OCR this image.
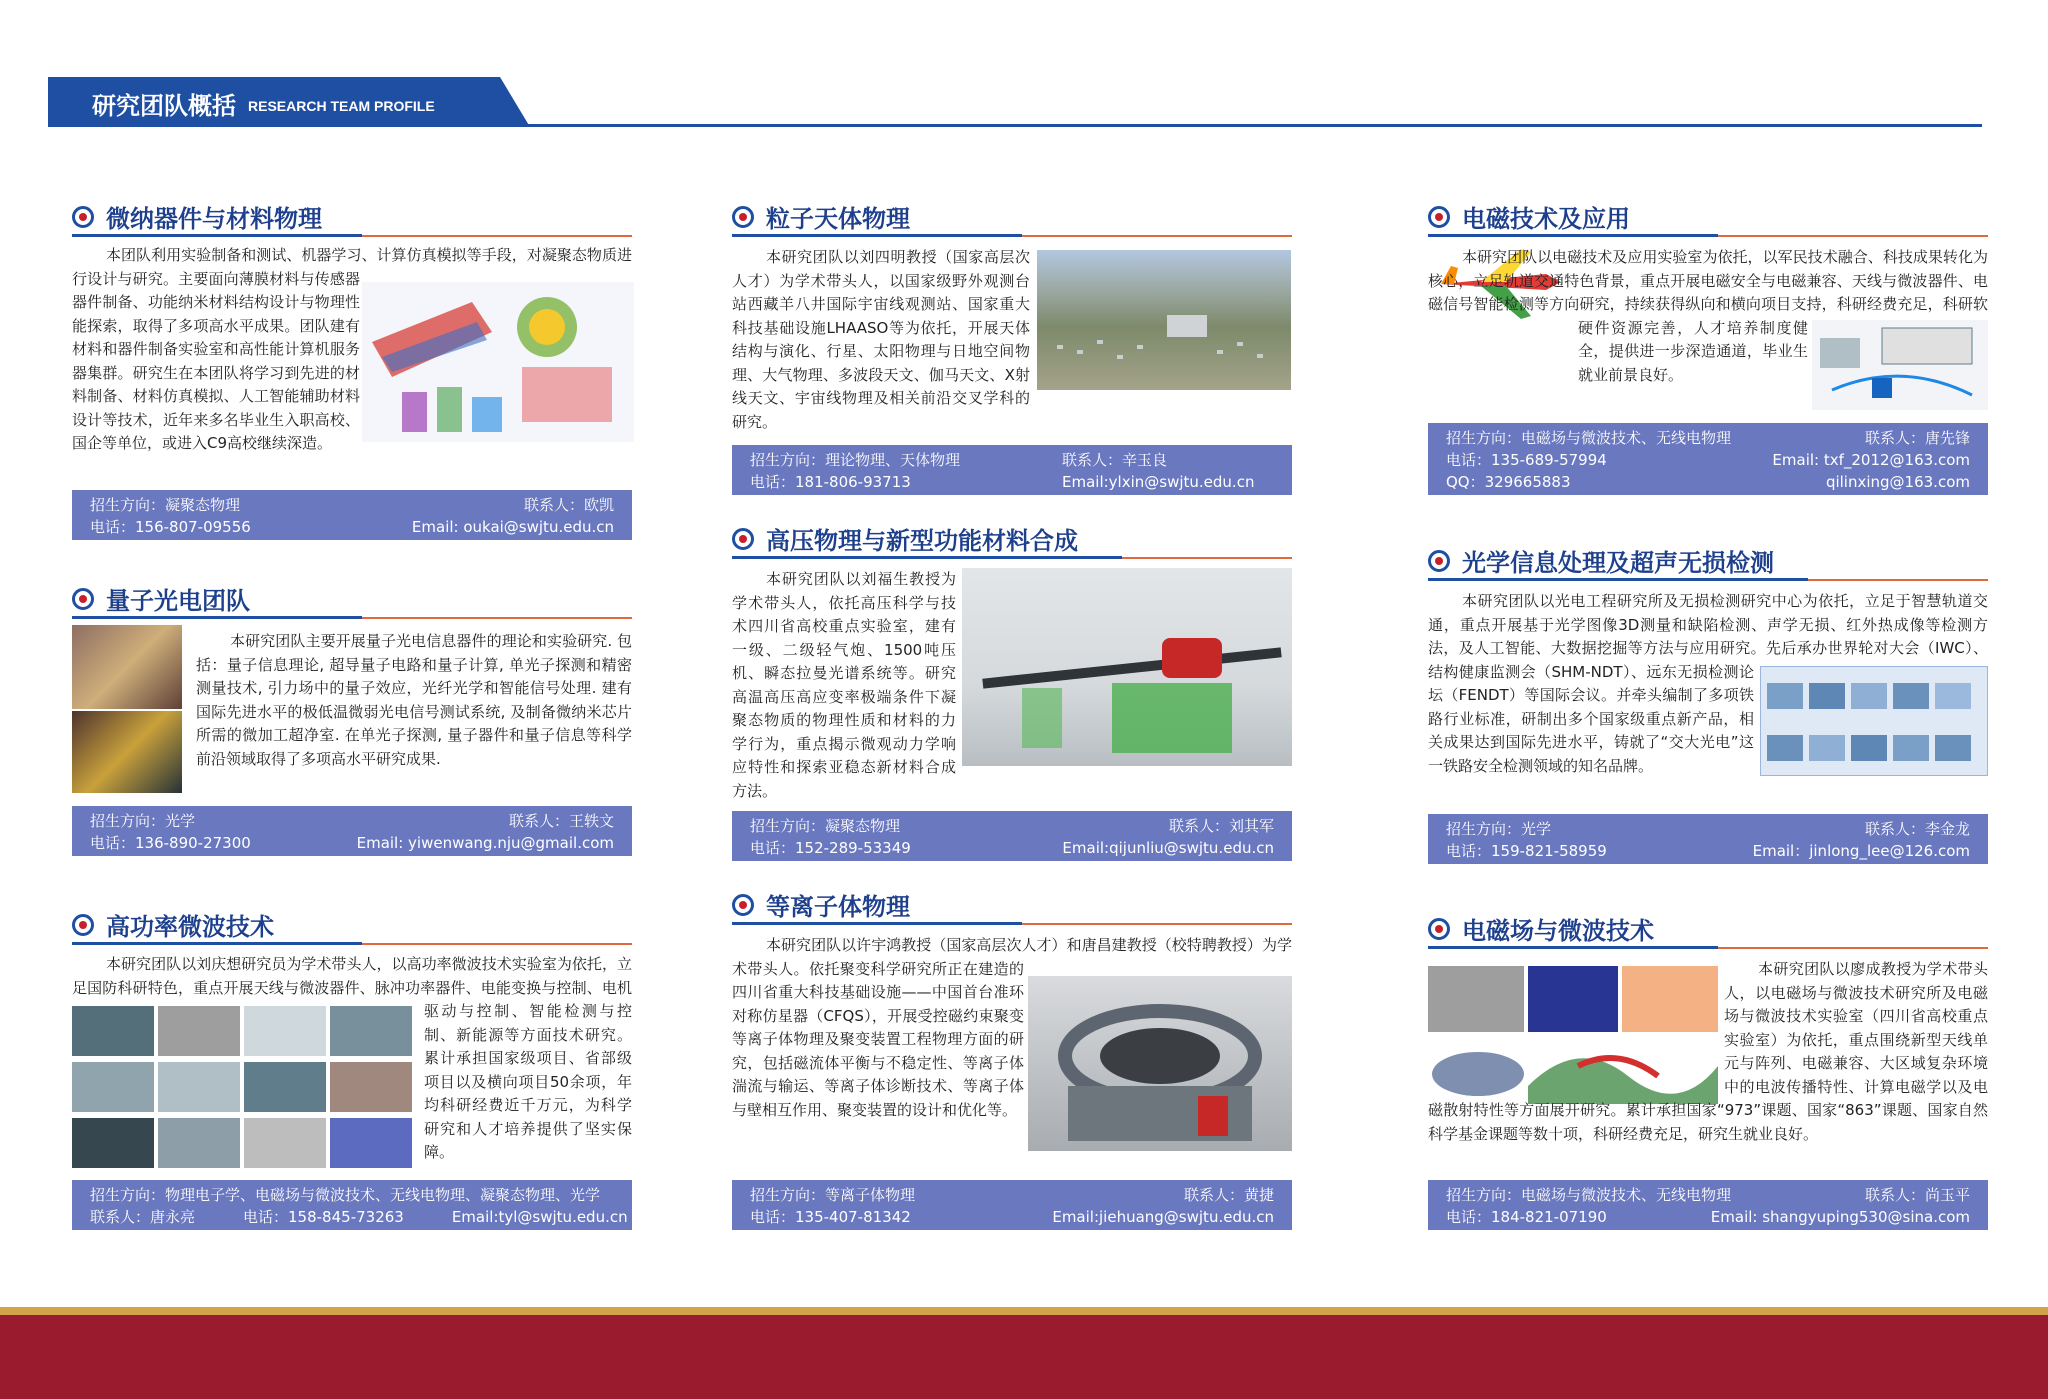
研究团队概括 RESEARCH TEAM PROFILE
微纳器件与材料物理
本团队利用实验制备和测试、机器学习、计算仿真模拟等手段，对凝聚态物质进行设计与研究。主要面向薄膜材料与传感器器件制备、功能纳米材料结构设计与物理性能探索，取得了多项高水平成果。团队建有材料和器件制备实验室和高性能计算机服务器集群。研究生在本团队将学习到先进的材料制备、材料仿真模拟、人工智能辅助材料设计等技术，近年来多名毕业生入职高校、国企等单位，或进入C9高校继续深造。
招生方向：凝聚态物理	联系人：欧凯
电话：156-807-09556	Email: oukai@swjtu.edu.cn
量子光电团队
本研究团队主要开展量子光电信息器件的理论和实验研究. 包括：量子信息理论, 超导量子电路和量子计算, 单光子探测和精密测量技术, 引力场中的量子效应，光纤光学和智能信号处理. 建有国际先进水平的极低温微弱光电信号测试系统, 及制备微纳米芯片所需的微加工超净室. 在单光子探测, 量子器件和量子信息等科学前沿领域取得了多项高水平研究成果.
招生方向：光学	联系人：王轶文
电话：136-890-27300	Email: yiwenwang.nju@gmail.com
高功率微波技术
本研究团队以刘庆想研究员为学术带头人，以高功率微波技术实验室为依托，立足国防科研特色，重点开展天线与微波器件、脉冲功率器件、电能变换与控制、电机驱动与控制、智能检测与控制、新能源等方面技术研究。累计承担国家级项目、省部级项目以及横向项目50余项，年均科研经费近千万元，为科学研究和人才培养提供了坚实保障。
招生方向：物理电子学、电磁场与微波技术、无线电物理、凝聚态物理、光学
联系人：唐永亮	电话：158-845-73263	Email:tyl@swjtu.edu.cn
粒子天体物理
本研究团队以刘四明教授（国家高层次人才）为学术带头人，以国家级野外观测台站西藏羊八井国际宇宙线观测站、国家重大科技基础设施LHAASO等为依托，开展天体结构与演化、行星、太阳物理与日地空间物理、大气物理、多波段天文、伽马天文、X射线天文、宇宙线物理及相关前沿交叉学科的研究。
招生方向：理论物理、天体物理	联系人：辛玉良
电话：181-806-93713	Email:ylxin@swjtu.edu.cn
高压物理与新型功能材料合成
本研究团队以刘福生教授为学术带头人，依托高压科学与技术四川省高校重点实验室，建有一级、二级轻气炮、1500吨压机、瞬态拉曼光谱系统等。研究高温高压高应变率极端条件下凝聚态物质的物理性质和材料的力学行为，重点揭示微观动力学响应特性和探索亚稳态新材料合成方法。
招生方向：凝聚态物理	联系人：刘其军
电话：152-289-53349	Email:qijunliu@swjtu.edu.cn
等离子体物理
本研究团队以许宇鸿教授（国家高层次人才）和唐昌建教授（校特聘教授）为学术带头人。依托聚变科学研究所正在建造的四川省重大科技基础设施——中国首台准环对称仿星器（CFQS），开展受控磁约束聚变等离子体物理及聚变装置工程物理方面的研究，包括磁流体平衡与不稳定性、等离子体湍流与输运、等离子体诊断技术、等离子体与壁相互作用、聚变装置的设计和优化等。
招生方向：等离子体物理	联系人：黄捷
电话：135-407-81342	Email:jiehuang@swjtu.edu.cn
电磁技术及应用
本研究团队以电磁技术及应用实验室为依托，以军民技术融合、科技成果转化为核心，立足轨道交通特色背景，重点开展电磁安全与电磁兼容、天线与微波器件、电磁信号智能检测等方向研究，持续获得纵向和横向项目支持，科研经费充足，科研软硬件资源完善，人才培养制度健全，提供进一步深造通道，毕业生就业前景良好。
招生方向：电磁场与微波技术、无线电物理	联系人：唐先锋
电话：135-689-57994	Email: txf_2012@163.com
QQ：329665883	qilinxing@163.com
光学信息处理及超声无损检测
本研究团队以光电工程研究所及无损检测研究中心为依托，立足于智慧轨道交通，重点开展基于光学图像3D测量和缺陷检测、声学无损、红外热成像等检测方法，及人工智能、大数据挖掘等方法与应用研究。先后承办世界轮对大会（IWC）、结构健康监测会（SHM-NDT）、远东无损检测论坛（FENDT）等国际会议。并牵头编制了多项铁路行业标准，研制出多个国家级重点新产品，相关成果达到国际先进水平，铸就了“交大光电”这一铁路安全检测领域的知名品牌。
招生方向：光学	联系人：李金龙
电话：159-821-58959	Email：jinlong_lee@126.com
电磁场与微波技术
本研究团队以廖成教授为学术带头人，以电磁场与微波技术研究所及电磁场与微波技术实验室（四川省高校重点实验室）为依托，重点围绕新型天线单元与阵列、电磁兼容、大区域复杂环境中的电波传播特性、计算电磁学以及电磁散射特性等方面展开研究。累计承担国家“973”课题、国家“863”课题、国家自然科学基金课题等数十项，科研经费充足，研究生就业良好。
招生方向：电磁场与微波技术、无线电物理	联系人：尚玉平
电话：184-821-07190	Email: shangyuping530@sina.com
